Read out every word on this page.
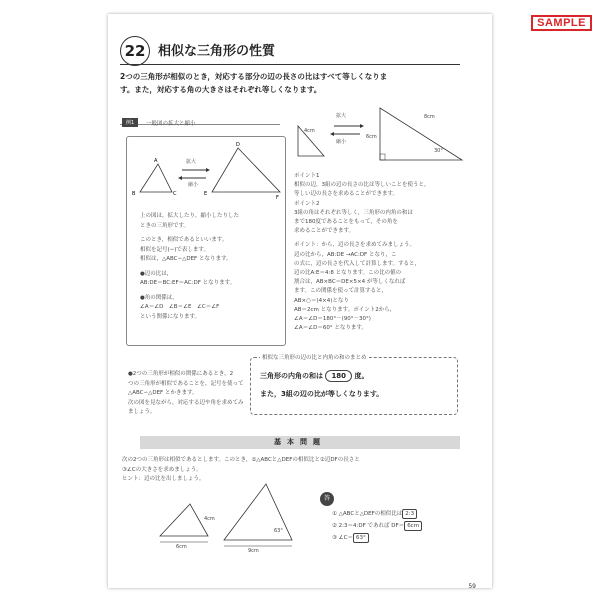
SAMPLE
22 相似な三角形の性質
2つの三角形が相似のとき，対応する部分の辺の長さの比はすべて等しくなりま
す。また，対応する角の大きさはそれぞれ等しくなります。
例1	一般図の拡大と縮小
A
B	C
D
E
F
拡大
縮小
上の図は，拡大したり，縮小したりした
ときの三角形です。
このとき，相似であるといいます。
相似を記号(∽)で表します。
相似は，△ABC∽△DEF となります。
●辺の比は，
AB:DE＝BC:EF＝AC:DF となります。
●角の関係は，
∠A＝∠D　∠B＝∠E　∠C＝∠F
という関係になります。
●2つの三角形が相似の関係にあるとき，2
つの三角形が相似であることを，記号を使って
△ABC∽△DEF とかきます。
次の図を見ながら，対応する辺や角を求めてみ
ましょう。
拡大
縮小
4cm
8cm
6cm
30°
ポイント1
相似の辺，3組の辺の長さの比は等しいことを使うと，
等しい辺の長さを求めることができます。
ポイント2
3組の角はそれぞれ等しく，三角形の内角の和は
まで180度であることをもって，その角を
求めることができます。
ポイント：から，辺の長さを求めてみましょう。
辺の比から，AB:DE →AC:DF となり，こ
の式に，辺の長さを代入して計算します。すると，
辺の比A:E＝4:8 となります。この比の値の
割合は，AB×BC＝DE×5×4 が等しくなれば
ます。この関係を使って計算すると，
AB×○＝(4×4)となり
AB＝2cm となります。ポイント2から，
∠A＝∠D＝180°－(90°－30°)
∠A＝∠D＝60° となります。
相似な三角形の辺の比と内角の和のまとめ
三角形の内角の和は 180 度。
また，3組の辺の比が等しくなります。
基本問題
次の2つの三角形は相似であるとします。このとき，①△ABCと△DEFの相似比と②辺DFの長さと
③∠Cの大きさを求めましょう。
ヒント：辺の比を出しましょう。
4cm
6cm
9cm
63°
答
① △ABCと△DEFの相似比は 2:3
② 2:3＝4:DF であれば DF＝ 6cm
③ ∠C＝ 63°
59
